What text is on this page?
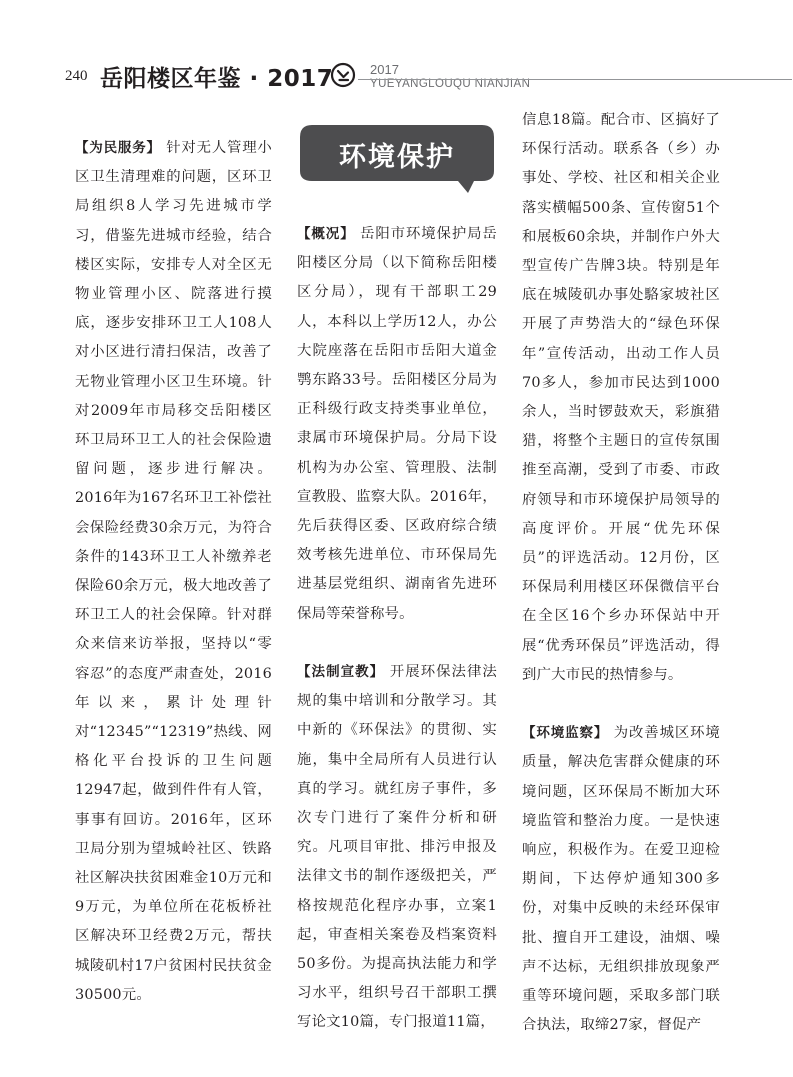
240 岳阳楼区年鉴 · 2017	2017
YUEYANGLOUQU NIANJIAN
环境保护

【为民服务】 针对无人管理小区卫生清理难的问题，区环卫局组织8人学习先进城市学习，借鉴先进城市经验，结合楼区实际，安排专人对全区无物业管理小区、院落进行摸底，逐步安排环卫工人108人对小区进行清扫保洁，改善了无物业管理小区卫生环境。针对2009年市局移交岳阳楼区环卫局环卫工人的社会保险遗留问题，逐步进行解决。2016年为167名环卫工补偿社会保险经费30余万元，为符合条件的143环卫工人补缴养老保险60余万元，极大地改善了环卫工人的社会保障。针对群众来信来访举报，坚持以“零容忍”的态度严肃查处，2016年以来，累计处理针对“12345”“12319”热线、网格化平台投诉的卫生问题12947起，做到件件有人管，事事有回访。2016年，区环卫局分别为望城岭社区、铁路社区解决扶贫困难金10万元和9万元，为单位所在花板桥社区解决环卫经费2万元，帮扶城陵矶村17户贫困村民扶贫金30500元。

【概况】 岳阳市环境保护局岳阳楼区分局（以下简称岳阳楼区分局），现有干部职工29人，本科以上学历12人，办公大院座落在岳阳市岳阳大道金鹗东路33号。岳阳楼区分局为正科级行政支持类事业单位，隶属市环境保护局。分局下设机构为办公室、管理股、法制宣教股、监察大队。2016年，先后获得区委、区政府综合绩效考核先进单位、市环保局先进基层党组织、湖南省先进环保局等荣誉称号。

【法制宣教】 开展环保法律法规的集中培训和分散学习。其中新的《环保法》的贯彻、实施，集中全局所有人员进行认真的学习。就红房子事件，多次专门进行了案件分析和研究。凡项目审批、排污申报及法律文书的制作逐级把关，严格按规范化程序办事，立案1起，审查相关案卷及档案资料50多份。为提高执法能力和学习水平，组织号召干部职工撰写论文10篇，专门报道11篇，

信息18篇。配合市、区搞好了环保行活动。联系各（乡）办事处、学校、社区和相关企业落实横幅500条、宣传窗51个和展板60余块，并制作户外大型宣传广告牌3块。特别是年底在城陵矶办事处駱家坡社区开展了声势浩大的“绿色环保年”宣传活动，出动工作人员70多人，参加市民达到1000余人，当时锣鼓欢天，彩旗猎猎，将整个主题日的宣传氛围推至高潮，受到了市委、市政府领导和市环境保护局领导的高度评价。开展“优先环保员”的评选活动。12月份，区环保局利用楼区环保微信平台在全区16个乡办环保站中开展“优秀环保员”评选活动，得到广大市民的热情参与。

【环境监察】 为改善城区环境质量，解决危害群众健康的环境问题，区环保局不断加大环境监管和整治力度。一是快速响应，积极作为。在爱卫迎检期间，下达停炉通知300多份，对集中反映的未经环保审批、擅自开工建设，油烟、噪声不达标，无组织排放现象严重等环境问题，采取多部门联合执法，取缔27家，督促产
